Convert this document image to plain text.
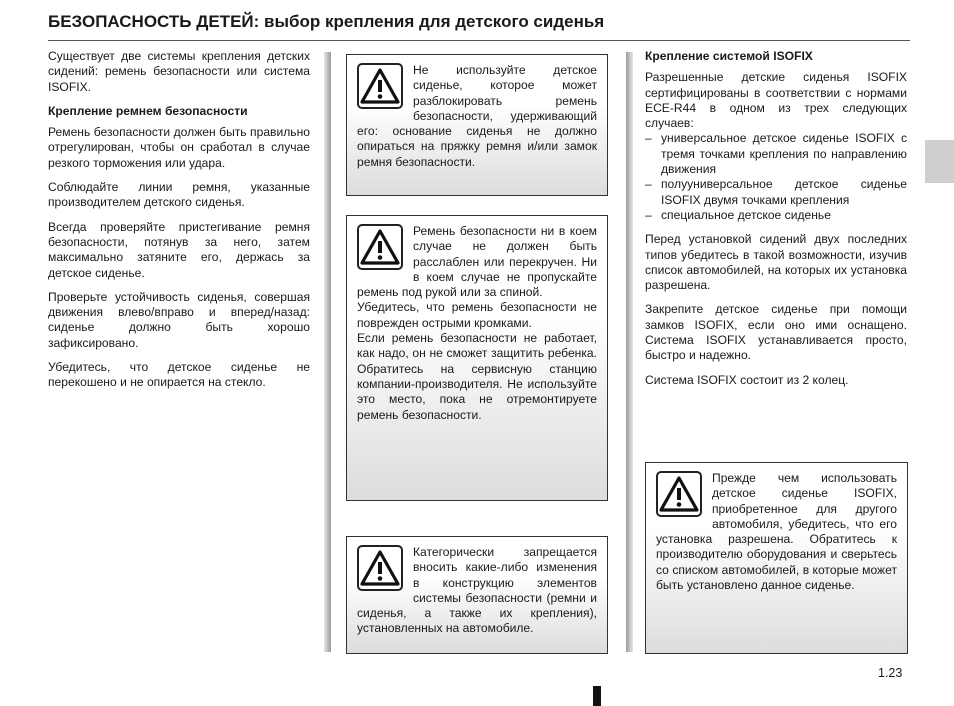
БЕЗОПАСНОСТЬ ДЕТЕЙ: выбор крепления для детского сиденья

Существует две системы крепления детских сидений: ремень безопасности или система ISOFIX.

Крепление ремнем безопасности

Ремень безопасности должен быть правильно отрегулирован, чтобы он сработал в случае резкого торможения или удара.

Соблюдайте линии ремня, указанные производителем детского сиденья.

Всегда проверяйте пристегивание ремня безопасности, потянув за него, затем максимально затяните его, держась за детское сиденье.

Проверьте устойчивость сиденья, совершая движения влево/вправо и вперед/назад: сиденье должно быть хорошо зафиксировано.

Убедитесь, что детское сиденье не перекошено и не опирается на стекло.

Не используйте детское сиденье, которое может разблокировать ремень безопасности, удерживающий его: основание сиденья не должно опираться на пряжку ремня и/или замок ремня безопасности.

Ремень безопасности ни в коем случае не должен быть расслаблен или перекручен. Ни в коем случае не пропускайте ремень под рукой или за спиной.

Убедитесь, что ремень безопасности не поврежден острыми кромками.

Если ремень безопасности не работает, как надо, он не сможет защитить ребенка. Обратитесь на сервисную станцию компании-производителя. Не используйте это место, пока не отремонтируете ремень безопасности.

Категорически запрещается вносить какие-либо изменения в конструкцию элементов системы безопасности (ремни и сиденья, а также их крепления), установленных на автомобиле.

Крепление системой ISOFIX

Разрешенные детские сиденья ISOFIX сертифицированы в соответствии с нормами ECE-R44 в одном из трех следующих случаев:

– универсальное детское сиденье ISOFIX с тремя точками крепления по направлению движения
– полууниверсальное детское сиденье ISOFIX двумя точками крепления
– специальное детское сиденье

Перед установкой сидений двух последних типов убедитесь в такой возможности, изучив список автомобилей, на которых их установка разрешена.

Закрепите детское сиденье при помощи замков ISOFIX, если оно ими оснащено. Система ISOFIX устанавливается просто, быстро и надежно.

Система ISOFIX состоит из 2 колец.

Прежде чем использовать детское сиденье ISOFIX, приобретенное для другого автомобиля, убедитесь, что его установка разрешена. Обратитесь к производителю оборудования и сверьтесь со списком автомобилей, в которые может быть установлено данное сиденье.

1.23
